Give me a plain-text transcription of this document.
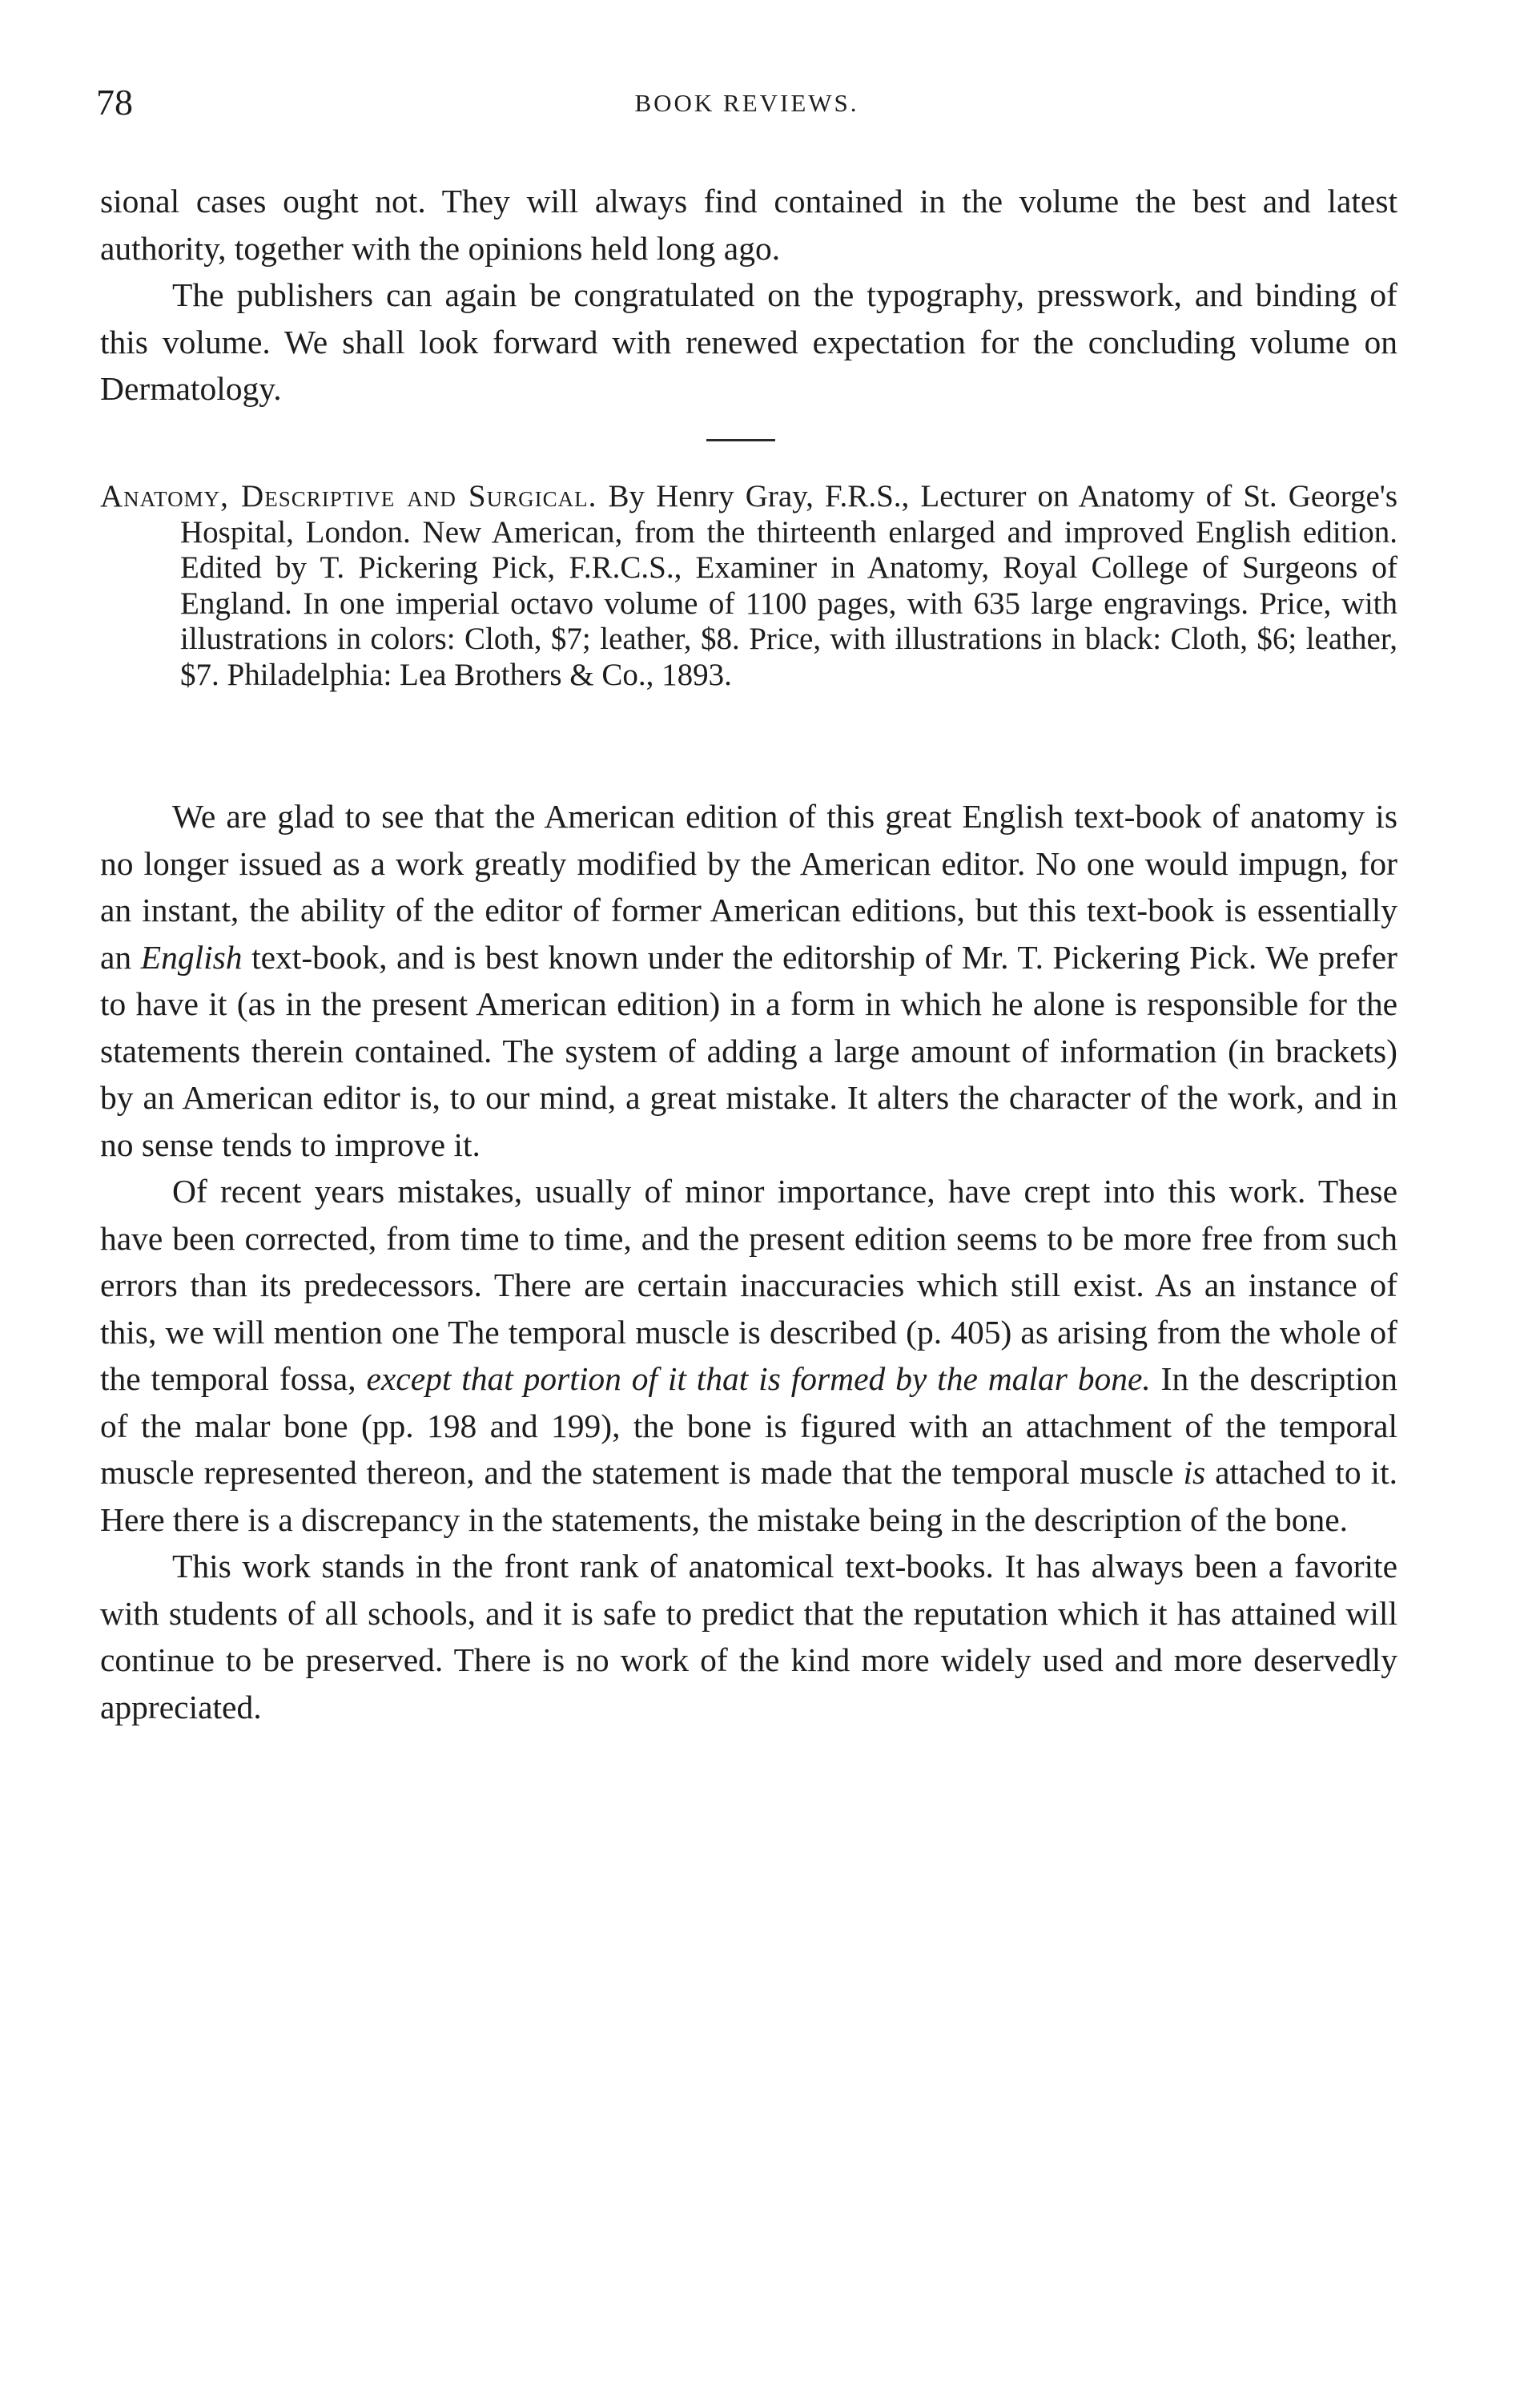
78	BOOK REVIEWS.

sional cases ought not. They will always find contained in the volume the best and latest authority, together with the opinions held long ago.

The publishers can again be congratulated on the typography, presswork, and binding of this volume. We shall look forward with renewed expectation for the concluding volume on Dermatology.

Anatomy, Descriptive and Surgical. By Henry Gray, F.R.S., Lecturer on Anatomy of St. George's Hospital, London. New American, from the thirteenth enlarged and improved English edition. Edited by T. Pickering Pick, F.R.C.S., Examiner in Anatomy, Royal College of Surgeons of England. In one imperial octavo volume of 1100 pages, with 635 large engravings. Price, with illustrations in colors: Cloth, $7; leather, $8. Price, with illustrations in black: Cloth, $6; leather, $7. Philadelphia: Lea Brothers & Co., 1893.

We are glad to see that the American edition of this great English text-book of anatomy is no longer issued as a work greatly modified by the American editor. No one would impugn, for an instant, the ability of the editor of former American editions, but this text-book is essentially an English text-book, and is best known under the editorship of Mr. T. Pickering Pick. We prefer to have it (as in the present American edition) in a form in which he alone is responsible for the statements therein contained. The system of adding a large amount of information (in brackets) by an American editor is, to our mind, a great mistake. It alters the character of the work, and in no sense tends to improve it.

Of recent years mistakes, usually of minor importance, have crept into this work. These have been corrected, from time to time, and the present edition seems to be more free from such errors than its predecessors. There are certain inaccuracies which still exist. As an instance of this, we will mention one The temporal muscle is described (p. 405) as arising from the whole of the temporal fossa, except that portion of it that is formed by the malar bone. In the description of the malar bone (pp. 198 and 199), the bone is figured with an attachment of the temporal muscle represented thereon, and the statement is made that the temporal muscle is attached to it. Here there is a discrepancy in the statements, the mistake being in the description of the bone.

This work stands in the front rank of anatomical text-books. It has always been a favorite with students of all schools, and it is safe to predict that the reputation which it has attained will continue to be preserved. There is no work of the kind more widely used and more deservedly appreciated.
